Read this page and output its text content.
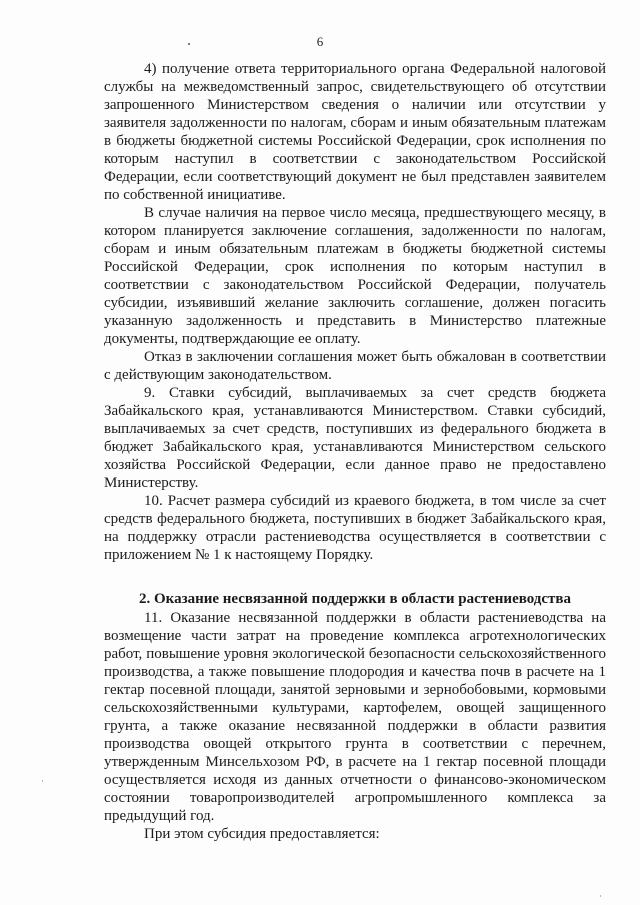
6

4) получение ответа территориального органа Федеральной налоговой службы на межведомственный запрос, свидетельствующего об отсутствии запрошенного Министерством сведения о наличии или отсутствии у заявителя задолженности по налогам, сборам и иным обязательным платежам в бюджеты бюджетной системы Российской Федерации, срок исполнения по которым наступил в соответствии с законодательством Российской Федерации, если соответствующий документ не был представлен заявителем по собственной инициативе.

В случае наличия на первое число месяца, предшествующего месяцу, в котором планируется заключение соглашения, задолженности по налогам, сборам и иным обязательным платежам в бюджеты бюджетной системы Российской Федерации, срок исполнения по которым наступил в соответствии с законодательством Российской Федерации, получатель субсидии, изъявивший желание заключить соглашение, должен погасить указанную задолженность и представить в Министерство платежные документы, подтверждающие ее оплату.

Отказ в заключении соглашения может быть обжалован в соответствии с действующим законодательством.

9. Ставки субсидий, выплачиваемых за счет средств бюджета Забайкальского края, устанавливаются Министерством. Ставки субсидий, выплачиваемых за счет средств, поступивших из федерального бюджета в бюджет Забайкальского края, устанавливаются Министерством сельского хозяйства Российской Федерации, если данное право не предоставлено Министерству.

10. Расчет размера субсидий из краевого бюджета, в том числе за счет средств федерального бюджета, поступивших в бюджет Забайкальского края, на поддержку отрасли растениеводства осуществляется в соответствии с приложением № 1 к настоящему Порядку.

2. Оказание несвязанной поддержки в области растениеводства

11. Оказание несвязанной поддержки в области растениеводства на возмещение части затрат на проведение комплекса агротехнологических работ, повышение уровня экологической безопасности сельскохозяйственного производства, а также повышение плодородия и качества почв в расчете на 1 гектар посевной площади, занятой зерновыми и зернобобовыми, кормовыми сельскохозяйственными культурами, картофелем, овощей защищенного грунта, а также оказание несвязанной поддержки в области развития производства овощей открытого грунта в соответствии с перечнем, утвержденным Минсельхозом РФ, в расчете на 1 гектар посевной площади осуществляется исходя из данных отчетности о финансово-экономическом состоянии товаропроизводителей агропромышленного комплекса за предыдущий год.

При этом субсидия предоставляется:
